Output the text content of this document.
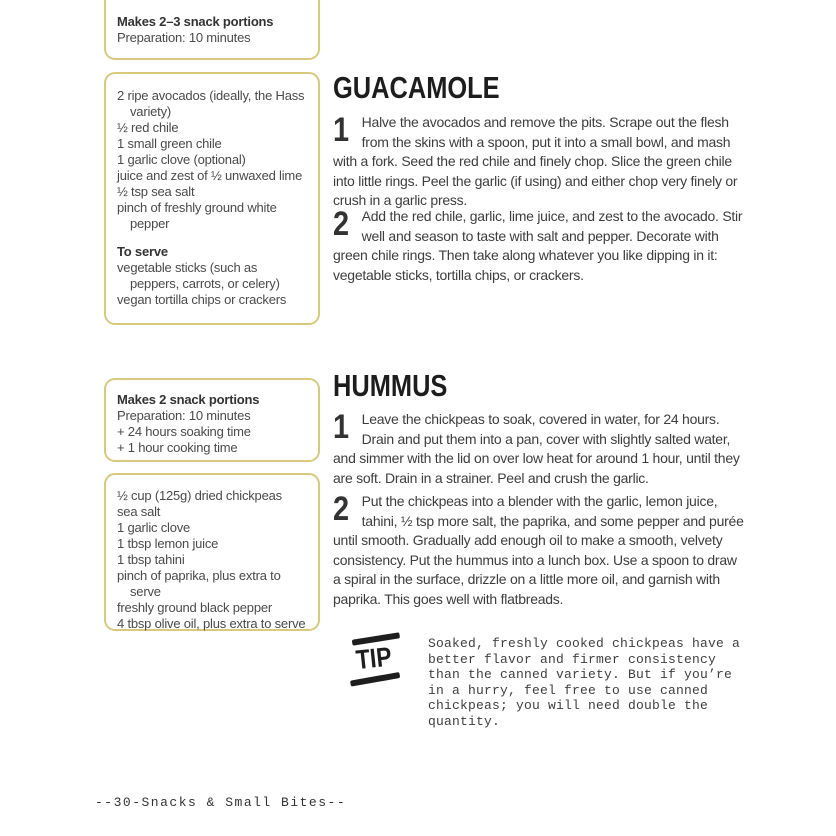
Makes 2–3 snack portions
Preparation: 10 minutes
2 ripe avocados (ideally, the Hass variety)
½ red chile
1 small green chile
1 garlic clove (optional)
juice and zest of ½ unwaxed lime
½ tsp sea salt
pinch of freshly ground white pepper
To serve
vegetable sticks (such as peppers, carrots, or celery)
vegan tortilla chips or crackers
GUACAMOLE
1 Halve the avocados and remove the pits. Scrape out the flesh from the skins with a spoon, put it into a small bowl, and mash with a fork. Seed the red chile and finely chop. Slice the green chile into little rings. Peel the garlic (if using) and either chop very finely or crush in a garlic press.
2 Add the red chile, garlic, lime juice, and zest to the avocado. Stir well and season to taste with salt and pepper. Decorate with green chile rings. Then take along whatever you like dipping in it: vegetable sticks, tortilla chips, or crackers.
Makes 2 snack portions
Preparation: 10 minutes
+ 24 hours soaking time
+ 1 hour cooking time
½ cup (125g) dried chickpeas
sea salt
1 garlic clove
1 tbsp lemon juice
1 tbsp tahini
pinch of paprika, plus extra to serve
freshly ground black pepper
4 tbsp olive oil, plus extra to serve
HUMMUS
1 Leave the chickpeas to soak, covered in water, for 24 hours. Drain and put them into a pan, cover with slightly salted water, and simmer with the lid on over low heat for around 1 hour, until they are soft. Drain in a strainer. Peel and crush the garlic.
2 Put the chickpeas into a blender with the garlic, lemon juice, tahini, ½ tsp more salt, the paprika, and some pepper and purée until smooth. Gradually add enough oil to make a smooth, velvety consistency. Put the hummus into a lunch box. Use a spoon to draw a spiral in the surface, drizzle on a little more oil, and garnish with paprika. This goes well with flatbreads.
TIP	Soaked, freshly cooked chickpeas have a better flavor and firmer consistency than the canned variety. But if you’re in a hurry, feel free to use canned chickpeas; you will need double the quantity.
--30-Snacks & Small Bites--
